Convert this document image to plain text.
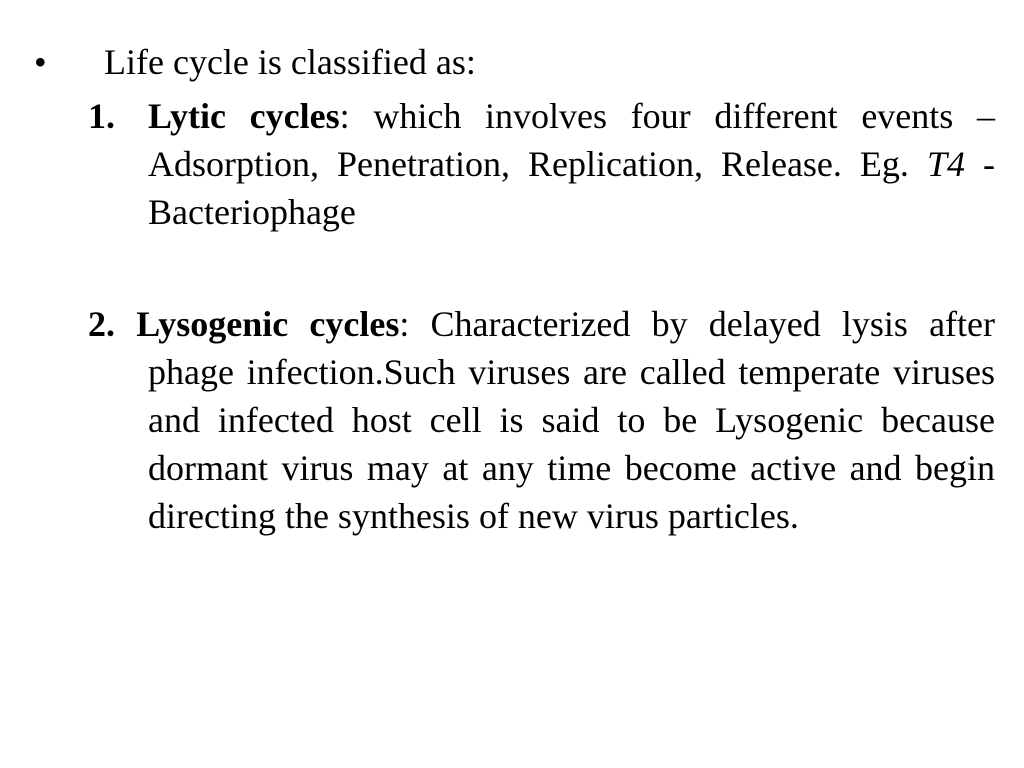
• Life cycle is classified as:

1. Lytic cycles: which involves four different events – Adsorption, Penetration, Replication, Release. Eg. T4 - Bacteriophage

2. Lysogenic cycles: Characterized by delayed lysis after phage infection.Such viruses are called temperate viruses and infected host cell is said to be Lysogenic because dormant virus may at any time become active and begin directing the synthesis of new virus particles.
